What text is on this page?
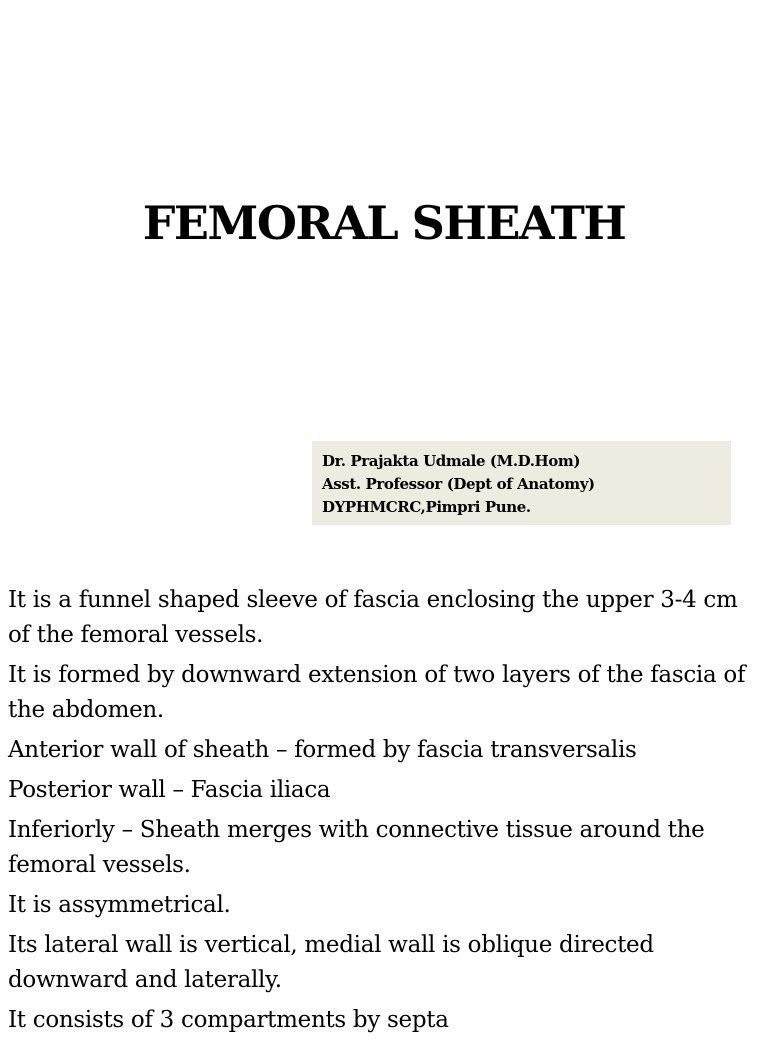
FEMORAL SHEATH
Dr. Prajakta Udmale (M.D.Hom)
Asst. Professor (Dept of Anatomy)
DYPHMCRC,Pimpri Pune.

It is a funnel shaped sleeve of fascia enclosing the upper 3-4 cm of the femoral vessels.

It is formed by downward extension of two layers of the fascia of the abdomen.

Anterior wall of sheath – formed by fascia transversalis

Posterior wall – Fascia iliaca

Inferiorly – Sheath merges with connective tissue around the femoral vessels.

It is assymmetrical.

Its lateral wall is vertical, medial wall is oblique directed downward and laterally.

It consists of 3 compartments by septa
